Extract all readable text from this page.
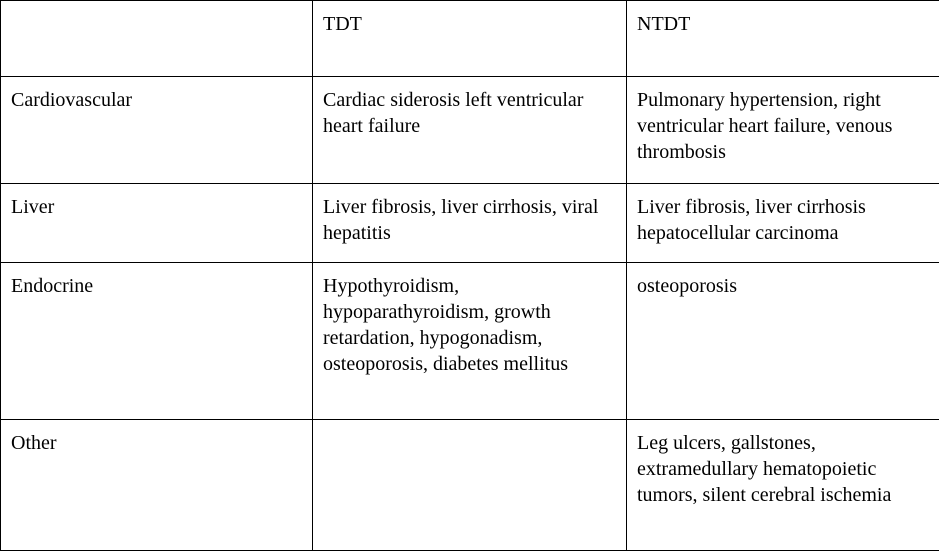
	TDT	NTDT
Cardiovascular	Cardiac siderosis left ventricular heart failure	Pulmonary hypertension, right ventricular heart failure, venous thrombosis
Liver	Liver fibrosis, liver cirrhosis, viral hepatitis	Liver fibrosis, liver cirrhosis hepatocellular carcinoma
Endocrine	Hypothyroidism, hypoparathyroidism, growth retardation, hypogonadism, osteoporosis, diabetes mellitus	osteoporosis
Other		Leg ulcers, gallstones, extramedullary hematopoietic tumors, silent cerebral ischemia
